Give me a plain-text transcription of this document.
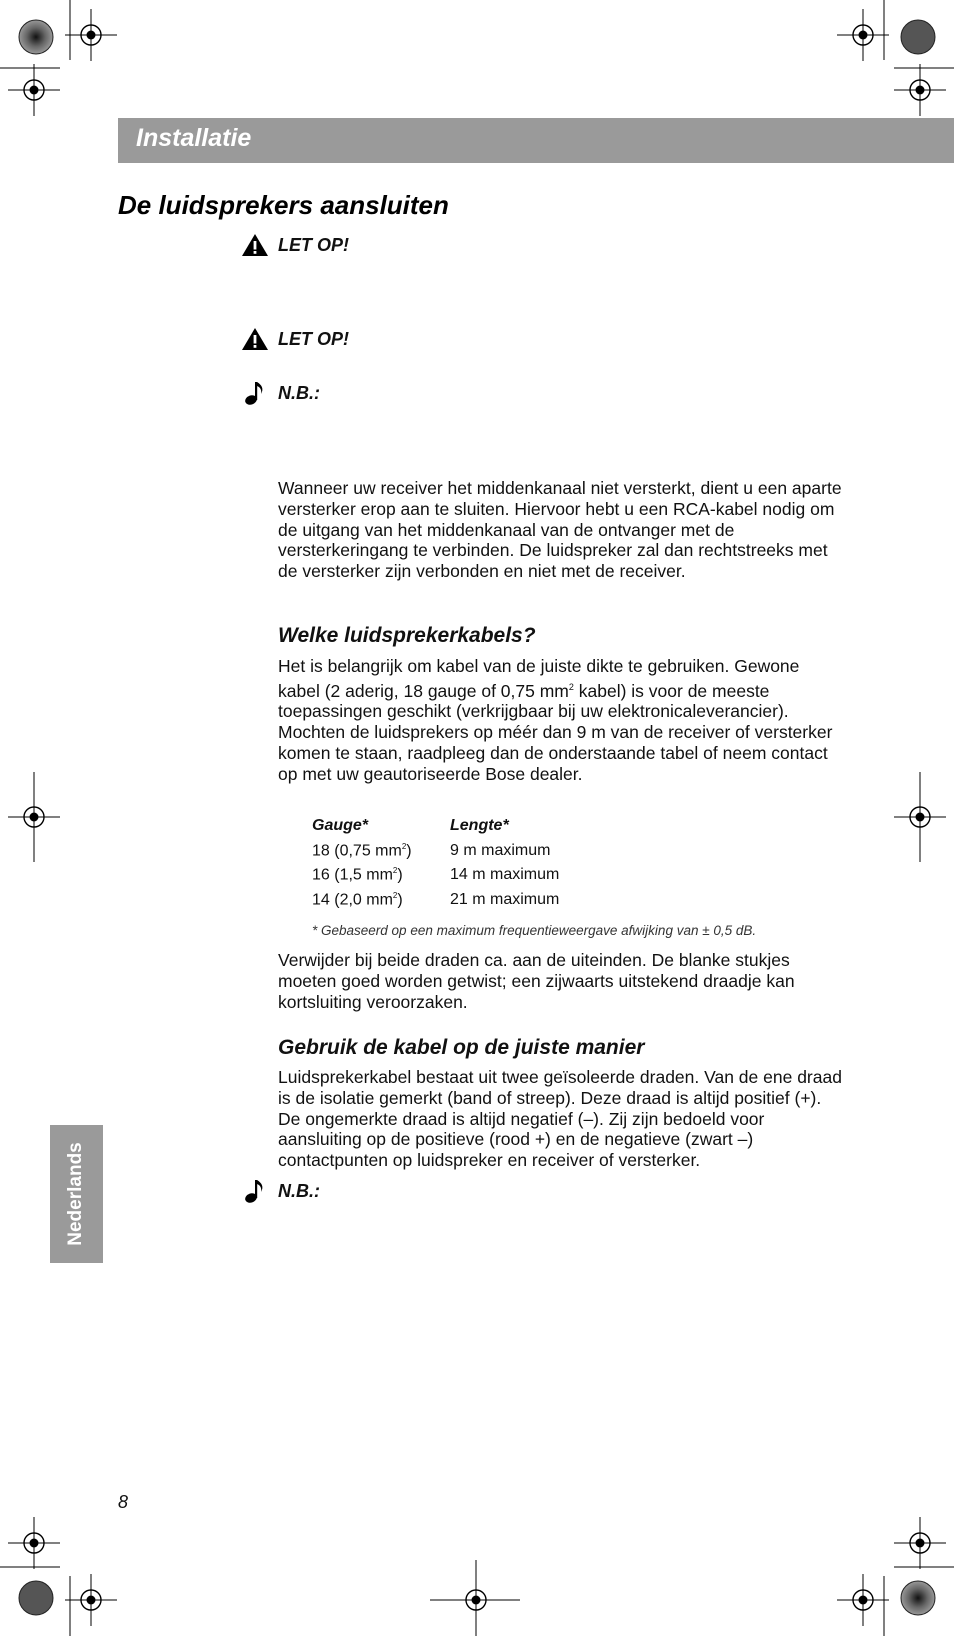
Installatie
De luidsprekers aansluiten
LET OP!
LET OP!
N.B.:

Wanneer uw receiver het middenkanaal niet versterkt, dient u een aparte versterker erop aan te sluiten. Hiervoor hebt u een RCA-kabel nodig om de uitgang van het middenkanaal van de ontvanger met de versterkeringang te verbinden. De luidspreker zal dan rechtstreeks met de versterker zijn verbonden en niet met de receiver.

Welke luidsprekerkabels?

Het is belangrijk om kabel van de juiste dikte te gebruiken. Gewone kabel (2 aderig, 18 gauge of 0,75 $mm^2$ kabel) is voor de meeste toepassingen geschikt (verkrijgbaar bij uw elektronicaleverancier). Mochten de luidsprekers op méér dan 9 m van de receiver of versterker komen te staan, raadpleeg dan de onderstaande tabel of neem contact op met uw geautoriseerde Bose dealer.

Gauge*	Lengte*
18 (0,75 $mm^2$)	9 m maximum
16 (1,5 $mm^2$)	14 m maximum
14 (2,0 $mm^2$)	21 m maximum
* Gebaseerd op een maximum frequentieweergave afwijking van ± 0,5 dB.

Verwijder bij beide draden ca. aan de uiteinden. De blanke stukjes moeten goed worden getwist; een zijwaarts uitstekend draadje kan kortsluiting veroorzaken.

Gebruik de kabel op de juiste manier

Luidsprekerkabel bestaat uit twee geïsoleerde draden. Van de ene draad is de isolatie gemerkt (band of streep). Deze draad is altijd positief (+). De ongemerkte draad is altijd negatief (–). Zij zijn bedoeld voor aansluiting op de positieve (rood +) en de negatieve (zwart –) contactpunten op luidspreker en receiver of versterker.

N.B.:
Nederlands
8
